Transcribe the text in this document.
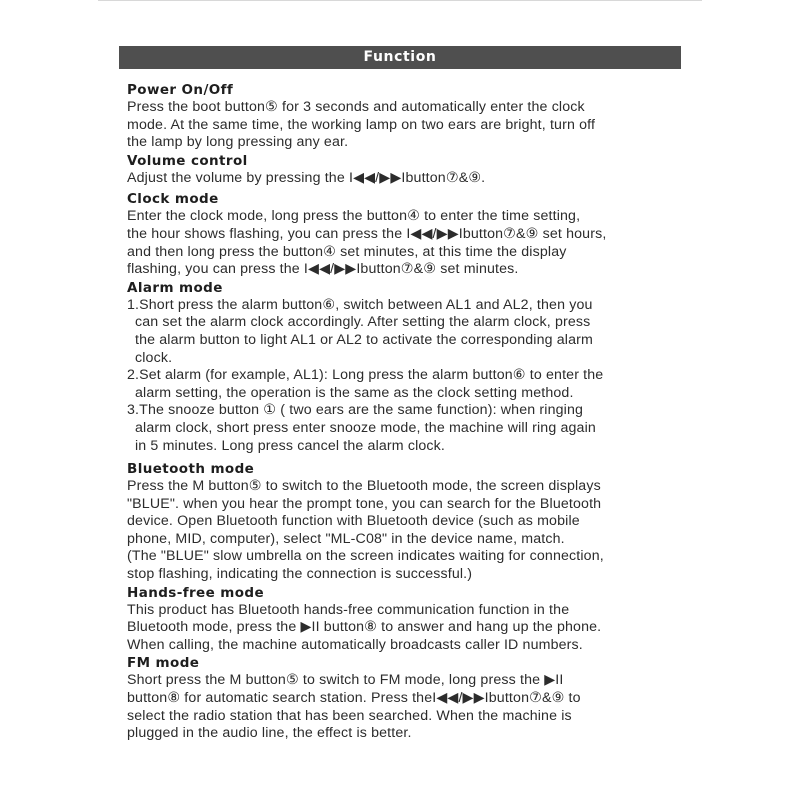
Function
Power On/Off
Press the boot button⑤ for 3 seconds and automatically enter the clock
mode. At the same time, the working lamp on two ears are bright, turn off
the lamp by long pressing any ear.
Volume control
Adjust the volume by pressing the I◀◀/▶▶Ibutton⑦&⑨.
Clock mode
Enter the clock mode, long press the button④ to enter the time setting,
the hour shows flashing, you can press the I◀◀/▶▶Ibutton⑦&⑨ set hours,
and then long press the button④ set minutes, at this time the display
flashing, you can press the I◀◀/▶▶Ibutton⑦&⑨ set minutes.
Alarm mode
1.Short press the alarm button⑥, switch between AL1 and AL2, then you
can set the alarm clock accordingly. After setting the alarm clock, press
the alarm button to light AL1 or AL2 to activate the corresponding alarm
clock.
2.Set alarm (for example, AL1): Long press the alarm button⑥ to enter the
alarm setting, the operation is the same as the clock setting method.
3.The snooze button ① ( two ears are the same function): when ringing
alarm clock, short press enter snooze mode, the machine will ring again
in 5 minutes. Long press cancel the alarm clock.
Bluetooth mode
Press the M button⑤ to switch to the Bluetooth mode, the screen displays
"BLUE". when you hear the prompt tone, you can search for the Bluetooth
device. Open Bluetooth function with Bluetooth device (such as mobile
phone, MID, computer), select "ML-C08" in the device name, match.
(The "BLUE" slow umbrella on the screen indicates waiting for connection,
stop flashing, indicating the connection is successful.)
Hands-free mode
This product has Bluetooth hands-free communication function in the
Bluetooth mode, press the ▶II button⑧ to answer and hang up the phone.
When calling, the machine automatically broadcasts caller ID numbers.
FM mode
Short press the M button⑤ to switch to FM mode, long press the ▶II
button⑧ for automatic search station. Press theI◀◀/▶▶Ibutton⑦&⑨ to
select the radio station that has been searched. When the machine is
plugged in the audio line, the effect is better.
